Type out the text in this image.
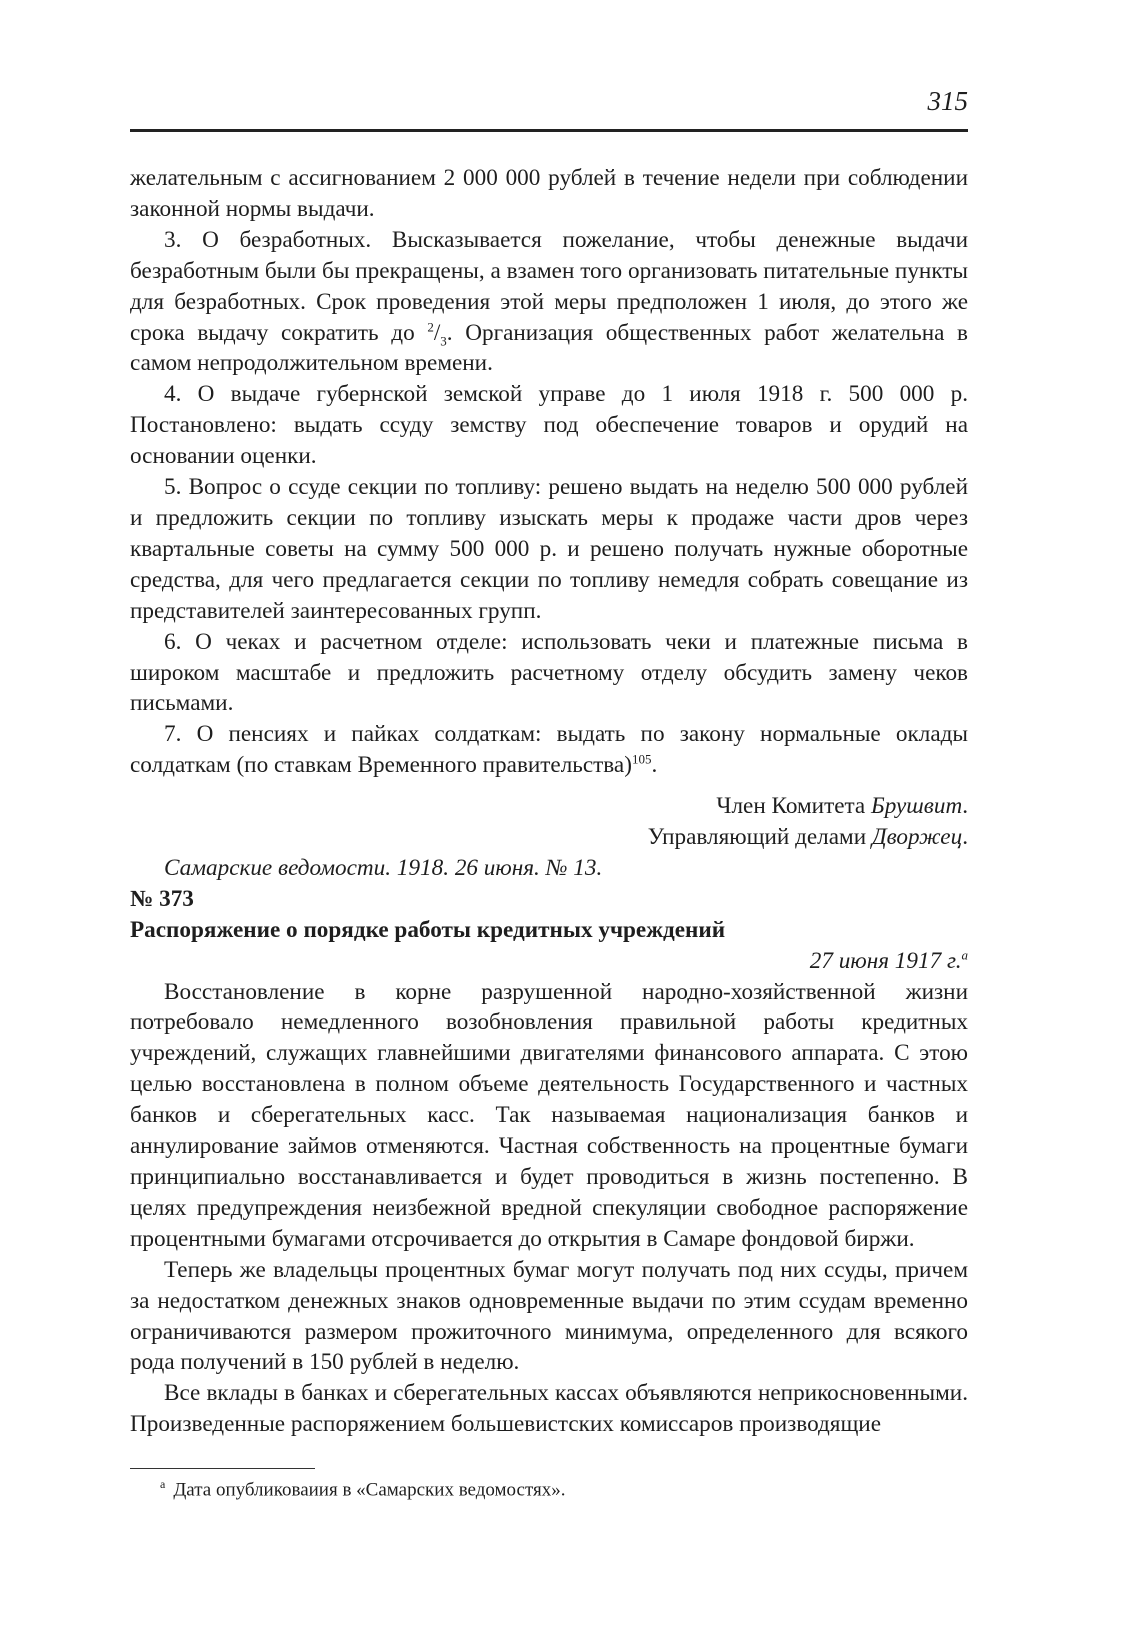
315

желательным с ассигнованием 2 000 000 рублей в течение недели при соблюдении законной нормы выдачи.

3. О безработных. Высказывается пожелание, чтобы денежные выдачи безработным были бы прекращены, а взамен того организовать питательные пункты для безработных. Срок проведения этой меры предположен 1 июля, до этого же срока выдачу сократить до $^2/_3$. Организация общественных работ желательна в самом непродолжительном времени.

4. О выдаче губернской земской управе до 1 июля 1918 г. 500 000 р. Постановлено: выдать ссуду земству под обеспечение товаров и орудий на основании оценки.

5. Вопрос о ссуде секции по топливу: решено выдать на неделю 500 000 рублей и предложить секции по топливу изыскать меры к продаже части дров через квартальные советы на сумму 500 000 р. и решено получать нужные оборотные средства, для чего предлагается секции по топливу немедля собрать совещание из представителей заинтересованных групп.

6. О чеках и расчетном отделе: использовать чеки и платежные письма в широком масштабе и предложить расчетному отделу обсудить замену чеков письмами.

7. О пенсиях и пайках солдаткам: выдать по закону нормальные оклады солдаткам (по ставкам Временного правительства)$^{105}$.

Член Комитета Брушвит.

Управляющий делами Дворжец.

Самарские ведомости. 1918. 26 июня. № 13.

№ 373

Распоряжение о порядке работы кредитных учреждений

27 июня 1917 г.$^а$

Восстановление в корне разрушенной народно-хозяйственной жизни потребовало немедленного возобновления правильной работы кредитных учреждений, служащих главнейшими двигателями финансового аппарата. С этою целью восстановлена в полном объеме деятельность Государственного и частных банков и сберегательных касс. Так называемая национализация банков и аннулирование займов отменяются. Частная собственность на процентные бумаги принципиально восстанавливается и будет проводиться в жизнь постепенно. В целях предупреждения неизбежной вредной спекуляции свободное распоряжение процентными бумагами отсрочивается до открытия в Самаре фондовой биржи.

Теперь же владельцы процентных бумаг могут получать под них ссуды, причем за недостатком денежных знаков одновременные выдачи по этим ссудам временно ограничиваются размером прожиточного минимума, определенного для всякого рода получений в 150 рублей в неделю.

Все вклады в банках и сберегательных кассах объявляются неприкосновенными. Произведенные распоряжением большевистских комиссаров производящие

$^а$ Дата опубликоваиия в «Самарских ведомостях».
